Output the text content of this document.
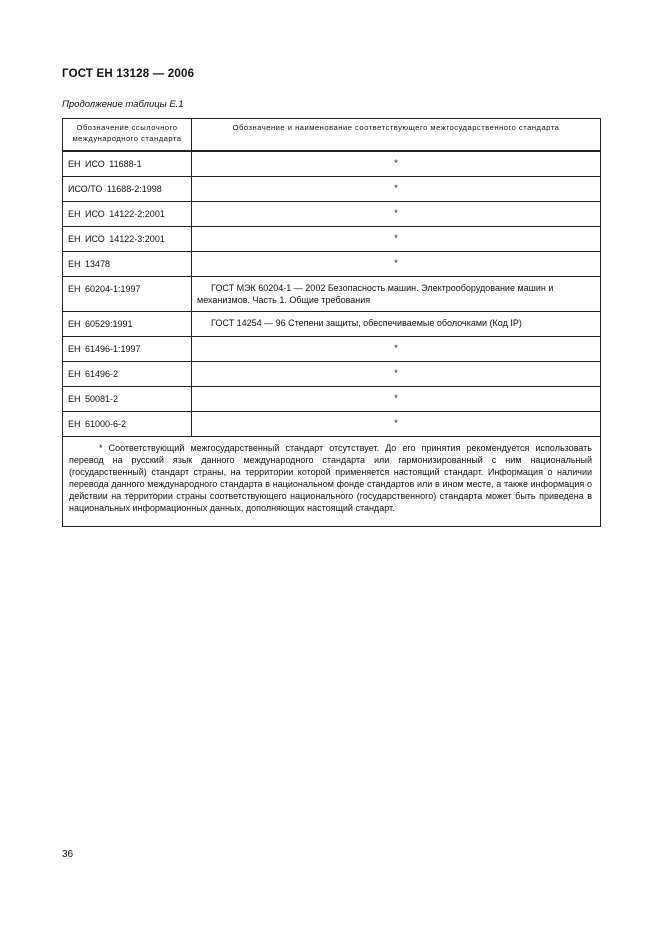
ГОСТ ЕН 13128 — 2006
Продолжение таблицы Е.1
Обозначение ссылочного международного стандарта	Обозначение и наименование соответствующего межгосударственного стандарта
ЕН ИСО 11688-1	*
ИСО/ТО 11688-2:1998	*
ЕН ИСО 14122-2:2001	*
ЕН ИСО 14122-3:2001	*
ЕН 13478	*
ЕН 60204-1:1997	ГОСТ МЭК 60204-1 — 2002 Безопасность машин. Электрооборудование машин и механизмов. Часть 1. Общие требования

ЕН 60529:1991	ГОСТ 14254 — 96 Степени защиты, обеспечиваемые оболочками (Код IP)

ЕН 61496-1:1997	*
ЕН 61496-2	*
ЕН 50081-2	*
ЕН 61000-6-2	*
* Соответствующий межгосударственный стандарт отсутствует. До его принятия рекомендуется использовать перевод на русский язык данного международного стандарта или гармонизированный с ним национальный (государственный) стандарт страны, на территории которой применяется настоящий стандарт. Информация о наличии перевода данного международного стандарта в национальном фонде стандартов или в ином месте, а также информация о действии на территории страны соответствующего национального (государственного) стандарта может быть приведена в национальных информационных данных, дополняющих настоящий стандарт.	
36
